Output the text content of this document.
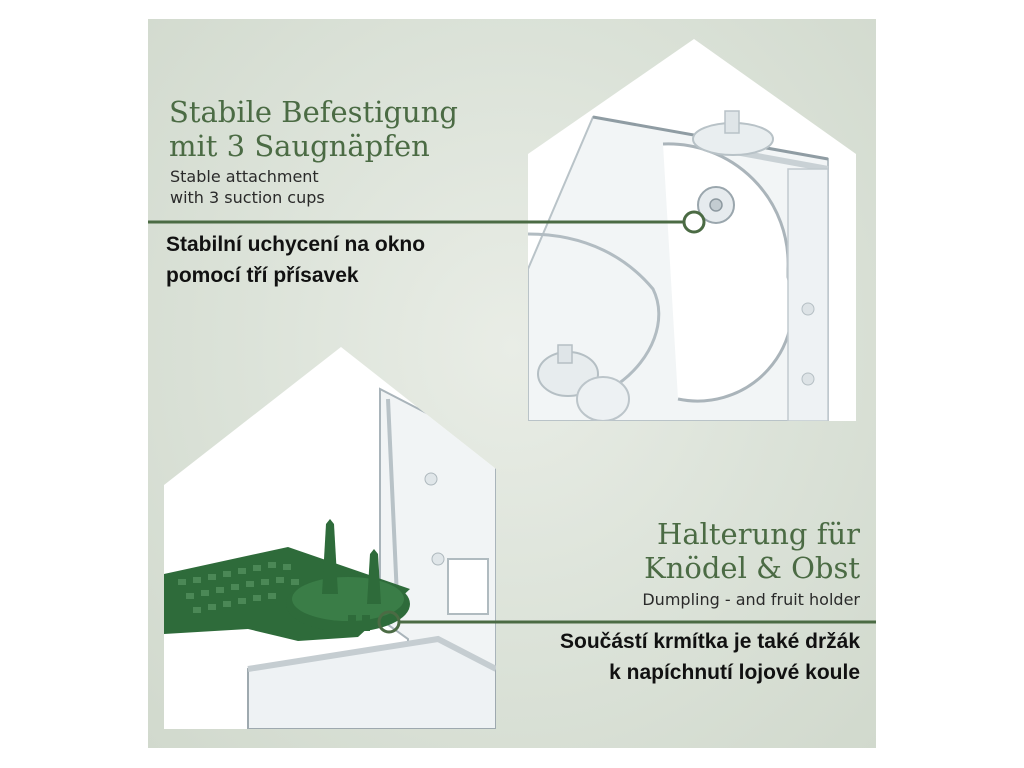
Stabile Befestigung
mit 3 Saugnäpfen

Stable attachment
with 3 suction cups

Stabilní uchycení na okno
pomocí tří přísavek

Halterung für
Knödel & Obst

Dumpling - and fruit holder

Součástí krmítka je také držák
k napíchnutí lojové koule
